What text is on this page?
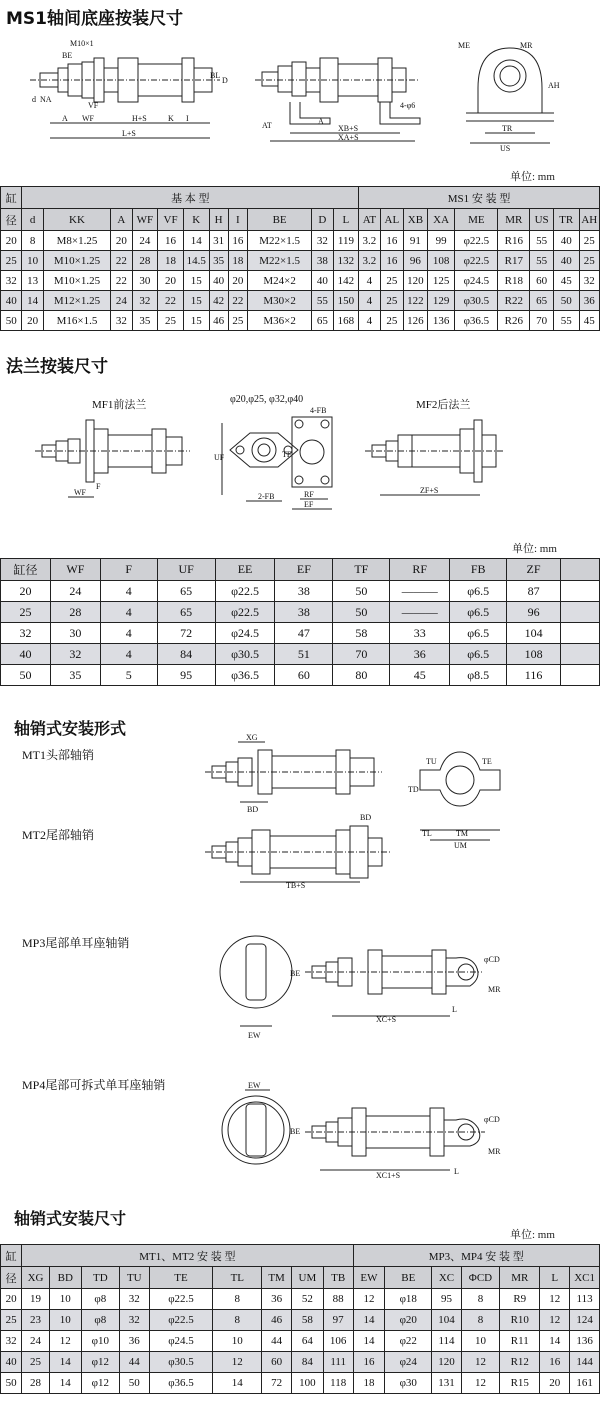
MS1轴间底座按装尺寸
M10×1
BE
NA
d
A WF
VF
H+S	K I
L+S
BL
D
AT	A
XB+S
XA+S
4-φ6
ME	MR
AH
TR
US
单位: mm
缸	基 本 型											MS1 安 装 型								
径	d	KK	A	WF	VF	K	H	I	BE	D	L	AT	AL	XB	XA	ME	MR	US	TR	AH
20	8	M8×1.25	20	24	16	14	31	16	M22×1.5	32	119	3.2	16	91	99	φ22.5	R16	55	40	25
25	10	M10×1.25	22	28	18	14.5	35	18	M22×1.5	38	132	3.2	16	96	108	φ22.5	R17	55	40	25
32	13	M10×1.25	22	30	20	15	40	20	M24×2	40	142	4	25	120	125	φ24.5	R18	60	45	32
40	14	M12×1.25	24	32	22	15	42	22	M30×2	55	150	4	25	122	129	φ30.5	R22	65	50	36
50	20	M16×1.5	32	35	25	15	46	25	M36×2	65	168	4	25	126	136	φ36.5	R26	70	55	45
法兰按装尺寸
MF1前法兰	φ20,φ25, φ32,φ40	MF2后法兰
WF
F
UF	TF
4-FB
2-FB	RF
EF
ZF+S
单位: mm
缸径	WF	F	UF	EE	EF	TF	RF	FB	ZF	
20	24	4	65	φ22.5	38	50	———	φ6.5	87	
25	28	4	65	φ22.5	38	50	———	φ6.5	96	
32	30	4	72	φ24.5	47	58	33	φ6.5	104	
40	32	4	84	φ30.5	51	70	36	φ6.5	108	
50	35	5	95	φ36.5	60	80	45	φ8.5	116	
轴销式安装形式
MT1头部轴销
MT2尾部轴销
MP3尾部单耳座轴销
MP4尾部可拆式单耳座轴销
XG
BD
TD
TU	TE
TL	TM
UM
BD
TB+S
BE
EW
φCD
MR
XC+S
L
EW
BE
φCD
MR
XC1+S	L
轴销式安装尺寸
单位: mm
缸	MT1、MT2 安 装 型									MP3、MP4 安 装 型						
径	XG	BD	TD	TU	TE	TL	TM	UM	TB	EW	BE	XC	ΦCD	MR	L	XC1
20	19	10	φ8	32	φ22.5	8	36	52	88	12	φ18	95	8	R9	12	113
25	23	10	φ8	32	φ22.5	8	46	58	97	14	φ20	104	8	R10	12	124
32	24	12	φ10	36	φ24.5	10	44	64	106	14	φ22	114	10	R11	14	136
40	25	14	φ12	44	φ30.5	12	60	84	111	16	φ24	120	12	R12	16	144
50	28	14	φ12	50	φ36.5	14	72	100	118	18	φ30	131	12	R15	20	161
